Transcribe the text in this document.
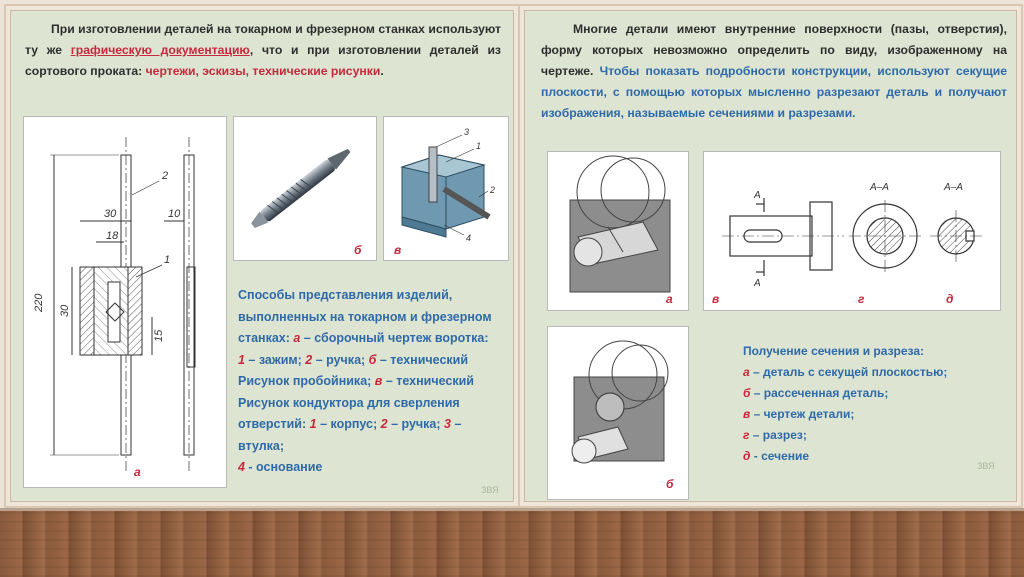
При изготовлении деталей на токарном и фрезерном станках используют ту же графическую документацию, что и при изготовлении деталей из сортового проката: чертежи, эскизы, технические рисунки.
30
18
10
220 30
15
2
1
а
б
3
1
2
4
в
Способы представления изделий,
выполненных на токарном и фрезерном
станках: а – сборочный чертеж воротка:
1 – зажим; 2 – ручка; б – технический
Рисунок пробойника; в – технический
Рисунок кондуктора для сверления
отверстий: 1 – корпус; 2 – ручка; 3 – втулка;
4 - основание
ЗВЯ
Многие детали имеют внутренние поверхности (пазы, отверстия), форму которых невозможно определить по виду, изображенному на чертеже. Чтобы показать подробности конструкции, используют секущие плоскости, с помощью которых мысленно разрезают деталь и получают изображения, называемые сечениями и разрезами.
а
б
А
А
А–А	А–А
в	г	д
Получение сечения и разреза:
а – деталь с секущей плоскостью;
б – рассеченная деталь;
в – чертеж детали;
г – разрез;
д - сечение
ЗВЯ
